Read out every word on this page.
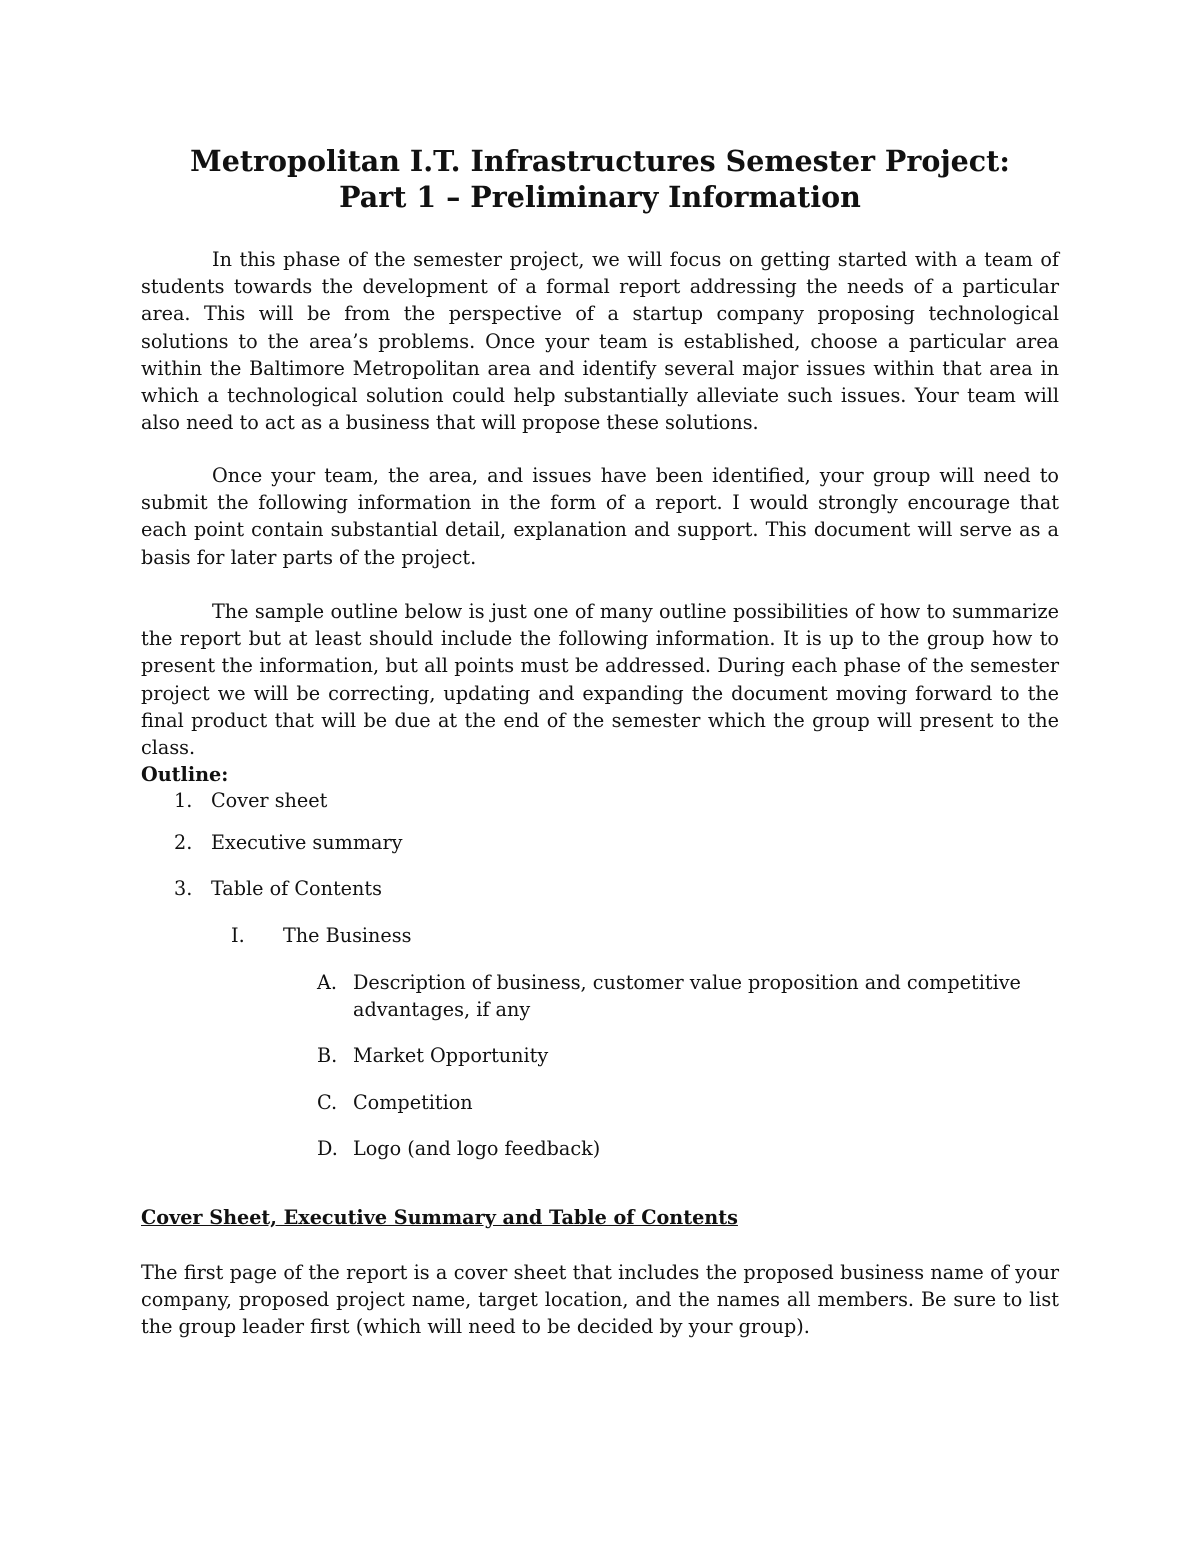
Metropolitan I.T. Infrastructures Semester Project:
Part 1 – Preliminary Information

In this phase of the semester project, we will focus on getting started with a team of students towards the development of a formal report addressing the needs of a particular area. This will be from the perspective of a startup company proposing technological solutions to the area’s problems. Once your team is established, choose a particular area within the Baltimore Metropolitan area and identify several major issues within that area in which a technological solution could help substantially alleviate such issues. Your team will also need to act as a business that will propose these solutions.

Once your team, the area, and issues have been identified, your group will need to submit the following information in the form of a report. I would strongly encourage that each point contain substantial detail, explanation and support. This document will serve as a basis for later parts of the project.

The sample outline below is just one of many outline possibilities of how to summarize the report but at least should include the following information. It is up to the group how to present the information, but all points must be addressed. During each phase of the semester project we will be correcting, updating and expanding the document moving forward to the final product that will be due at the end of the semester which the group will present to the class.

Outline:

1. Cover sheet
2. Executive summary
3. Table of Contents
I. The Business
A. Description of business, customer value proposition and competitive advantages, if any
B. Market Opportunity
C. Competition
D. Logo (and logo feedback)

Cover Sheet, Executive Summary and Table of Contents

The first page of the report is a cover sheet that includes the proposed business name of your company, proposed project name, target location, and the names all members. Be sure to list the group leader first (which will need to be decided by your group).
